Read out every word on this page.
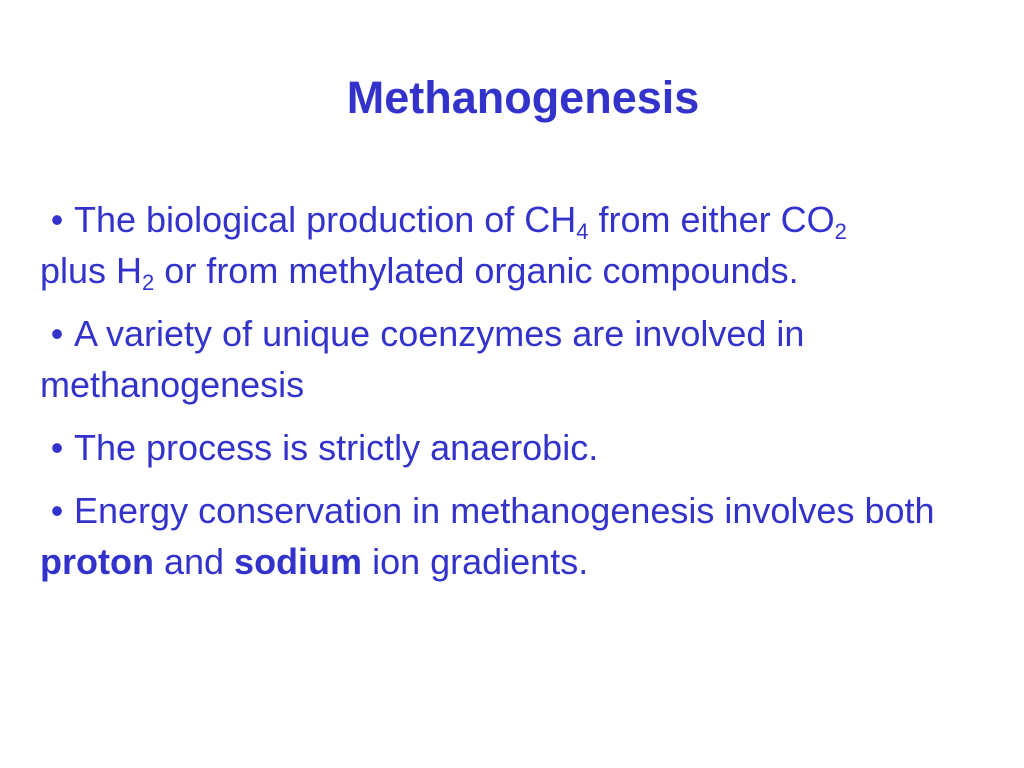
Methanogenesis

• The biological production of $CH_4$ from either $CO_2$
plus $H_2$ or from methylated organic compounds.

• A variety of unique coenzymes are involved in methanogenesis

• The process is strictly anaerobic.

• Energy conservation in methanogenesis involves both proton and sodium ion gradients.
